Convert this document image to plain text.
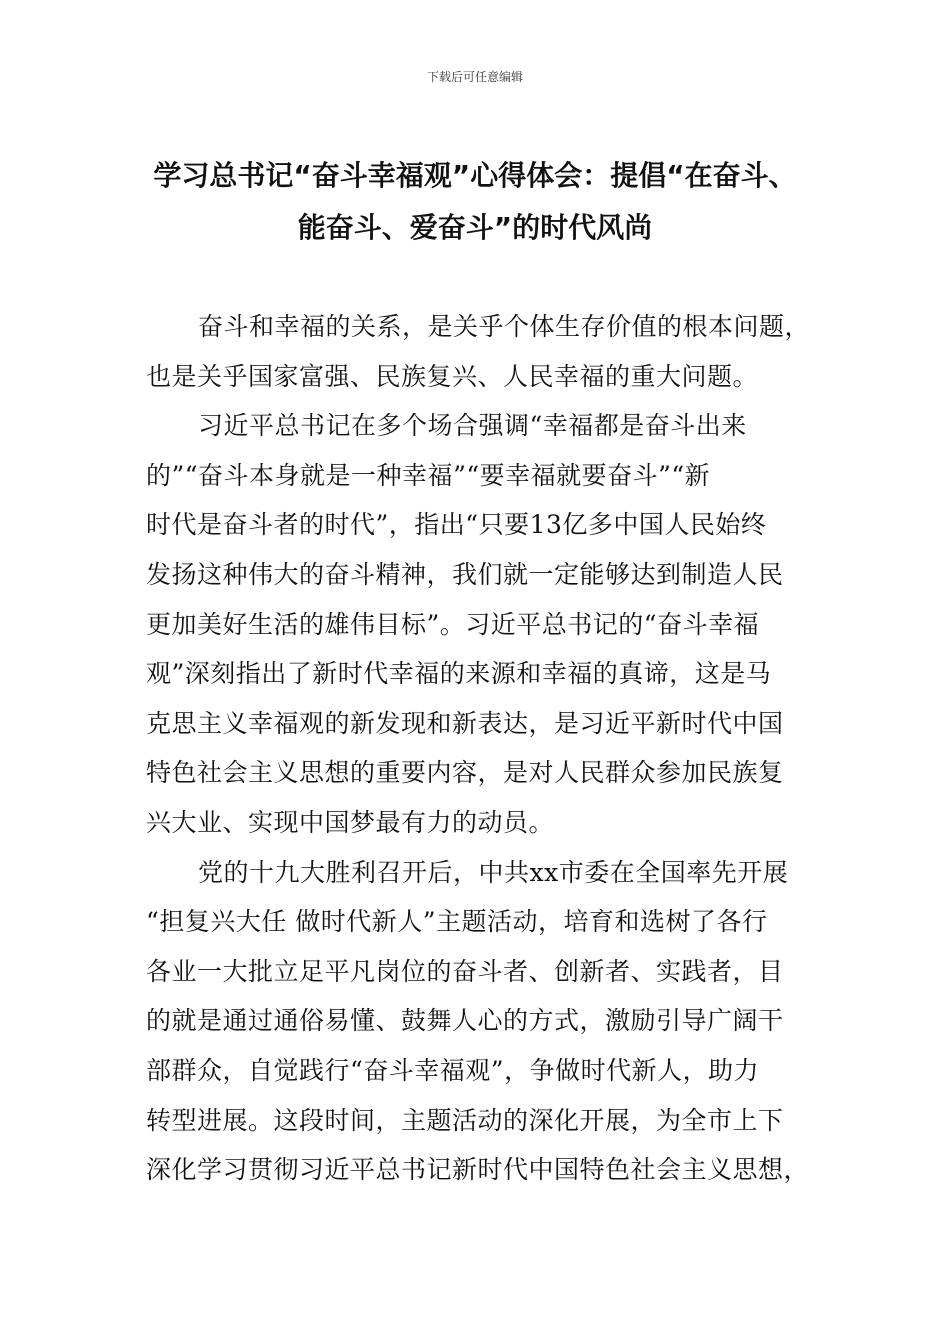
下载后可任意编辑
学习总书记“奋斗幸福观”心得体会：提倡“在奋斗、
能奋斗、爱奋斗”的时代风尚
奋斗和幸福的关系，是关乎个体生存价值的根本问题，
也是关乎国家富强、民族复兴、人民幸福的重大问题。
习近平总书记在多个场合强调“幸福都是奋斗出来
的”“奋斗本身就是一种幸福”“要幸福就要奋斗”“新
时代是奋斗者的时代”，指出“只要13亿多中国人民始终
发扬这种伟大的奋斗精神，我们就一定能够达到制造人民
更加美好生活的雄伟目标”。习近平总书记的“奋斗幸福
观”深刻指出了新时代幸福的来源和幸福的真谛，这是马
克思主义幸福观的新发现和新表达，是习近平新时代中国
特色社会主义思想的重要内容，是对人民群众参加民族复
兴大业、实现中国梦最有力的动员。
党的十九大胜利召开后，中共xx市委在全国率先开展
“担复兴大任 做时代新人”主题活动，培育和选树了各行
各业一大批立足平凡岗位的奋斗者、创新者、实践者，目
的就是通过通俗易懂、鼓舞人心的方式，激励引导广阔干
部群众，自觉践行“奋斗幸福观”，争做时代新人，助力
转型进展。这段时间，主题活动的深化开展，为全市上下
深化学习贯彻习近平总书记新时代中国特色社会主义思想，
